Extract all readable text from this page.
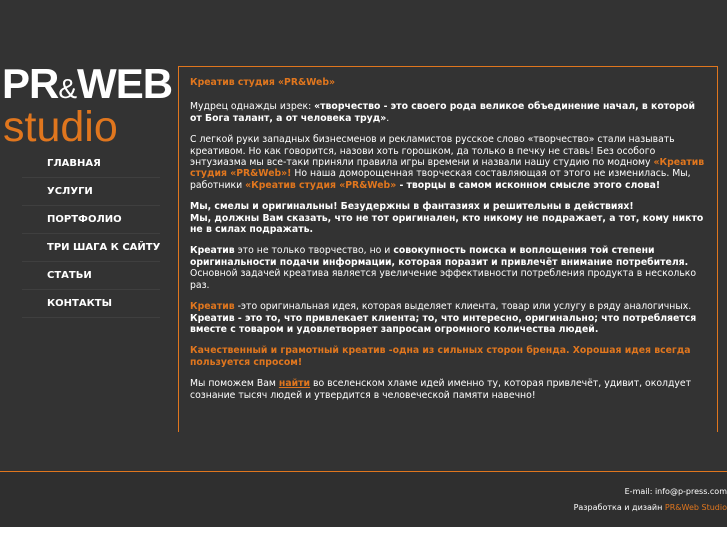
PR&WEB
studio
ГЛАВНАЯ
УСЛУГИ
ПОРТФОЛИО
ТРИ ШАГА К САЙТУ
СТАТЬИ
КОНТАКТЫ

Креатив студия «PR&Web»

Мудрец однажды изрек: «творчество - это своего рода великое объединение начал, в которой от Бога талант, а от человека труд».

С легкой руки западных бизнесменов и рекламистов русское слово «творчество» стали называть креативом. Но как говорится, назови хоть горошком, да только в печку не ставь! Без особого энтузиазма мы все-таки приняли правила игры времени и назвали нашу студию по модному «Креатив студия «PR&Web»! Но наша доморощенная творческая составляющая от этого не изменилась. Мы, работники «Креатив студия «PR&Web» - творцы в самом исконном смысле этого слова!

Мы, смелы и оригинальны! Безудержны в фантазиях и решительны в действиях!
Мы, должны Вам сказать, что не тот оригинален, кто никому не подражает, а тот, кому никто не в силах подражать.

Креатив это не только творчество, но и совокупность поиска и воплощения той степени оригинальности подачи информации, которая поразит и привлечёт внимание потребителя. Основной задачей креатива является увеличение эффективности потребления продукта в несколько раз.

Креатив -это оригинальная идея, которая выделяет клиента, товар или услугу в ряду аналогичных.
Креатив - это то, что привлекает клиента; то, что интересно, оригинально; что потребляется вместе с товаром и удовлетворяет запросам огромного количества людей.

Качественный и грамотный креатив -одна из сильных сторон бренда. Хорошая идея всегда пользуется спросом!

Мы поможем Вам найти во вселенском хламе идей именно ту, которая привлечёт, удивит, околдует сознание тысяч людей и утвердится в человеческой памяти навечно!

E-mail: info@p-press.com
Разработка и дизайн PR&Web Studio
